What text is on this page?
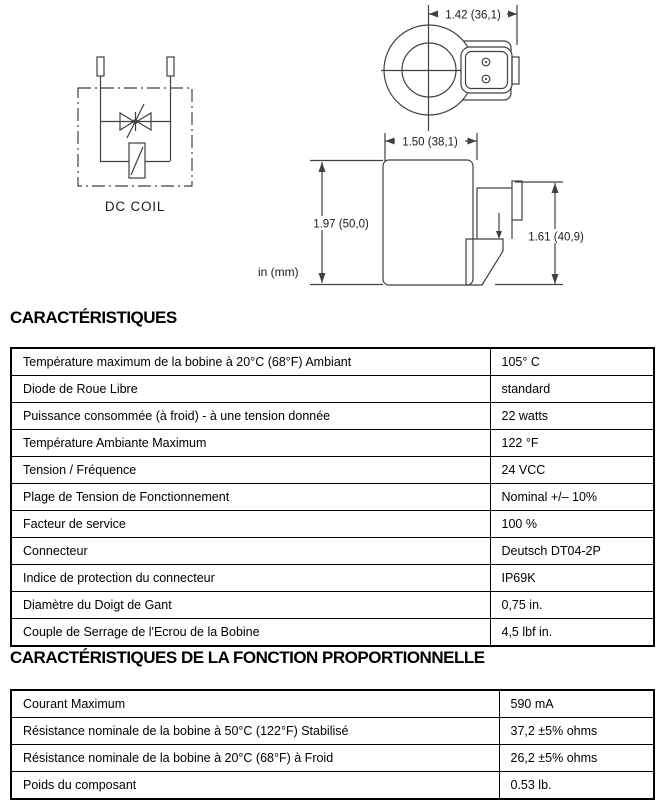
DC COIL
1.42 (36,1)
1.50 (38,1)
1.97 (50,0)
1.61 (40,9)
in (mm)
CARACTÉRISTIQUES
Température maximum de la bobine à 20°C (68°F) Ambiant	105° C
Diode de Roue Libre	standard
Puissance consommée (à froid) - à une tension donnée	22 watts
Température Ambiante Maximum	122 °F
Tension / Fréquence	24 VCC
Plage de Tension de Fonctionnement	Nominal +/– 10%
Facteur de service	100 %
Connecteur	Deutsch DT04-2P
Indice de protection du connecteur	IP69K
Diamètre du Doigt de Gant	0,75 in.
Couple de Serrage de l'Ecrou de la Bobine	4,5 lbf in.
CARACTÉRISTIQUES DE LA FONCTION PROPORTIONNELLE
Courant Maximum	590 mA
Résistance nominale de la bobine à 50°C (122°F) Stabilisé	37,2 ±5% ohms
Résistance nominale de la bobine à 20°C (68°F) à Froid	26,2 ±5% ohms
Poids du composant	0.53 lb.
